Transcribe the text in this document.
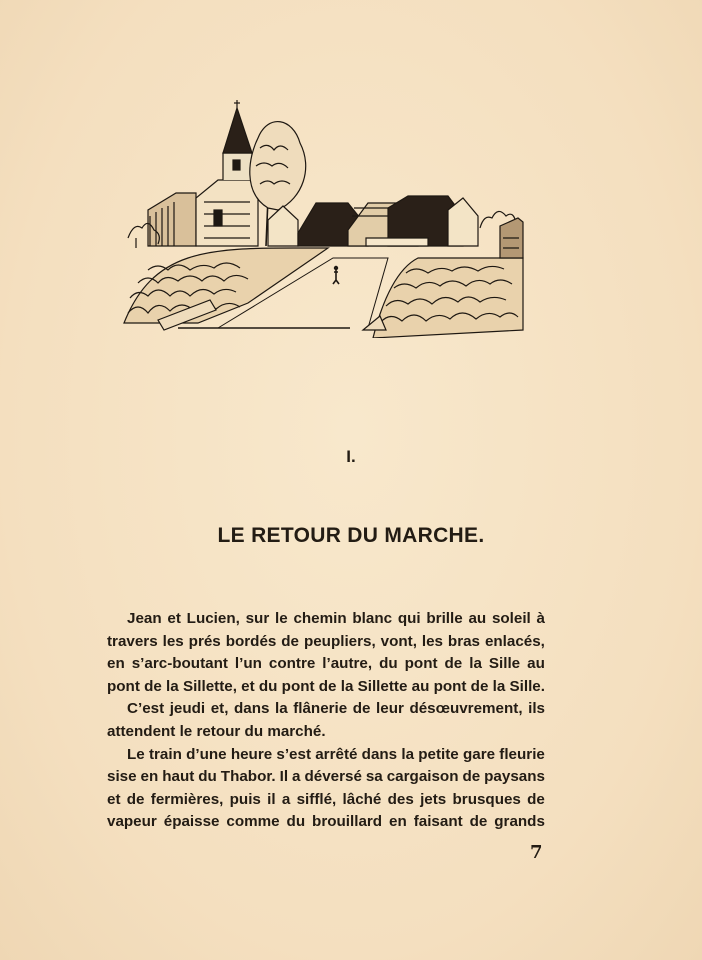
I.
LE RETOUR DU MARCHE.
Jean et Lucien, sur le chemin blanc qui brille au soleil à
travers les prés bordés de peupliers, vont, les bras enlacés,
en s’arc-boutant l’un contre l’autre, du pont de la Sille au
pont de la Sillette, et du pont de la Sillette au pont de la Sille.
C’est jeudi et, dans la flânerie de leur désœuvrement, ils
attendent le retour du marché.
Le train d’une heure s’est arrêté dans la petite gare fleurie
sise en haut du Thabor. Il a déversé sa cargaison de paysans
et de fermières, puis il a sifflé, lâché des jets brusques de
vapeur épaisse comme du brouillard en faisant de grands
7
